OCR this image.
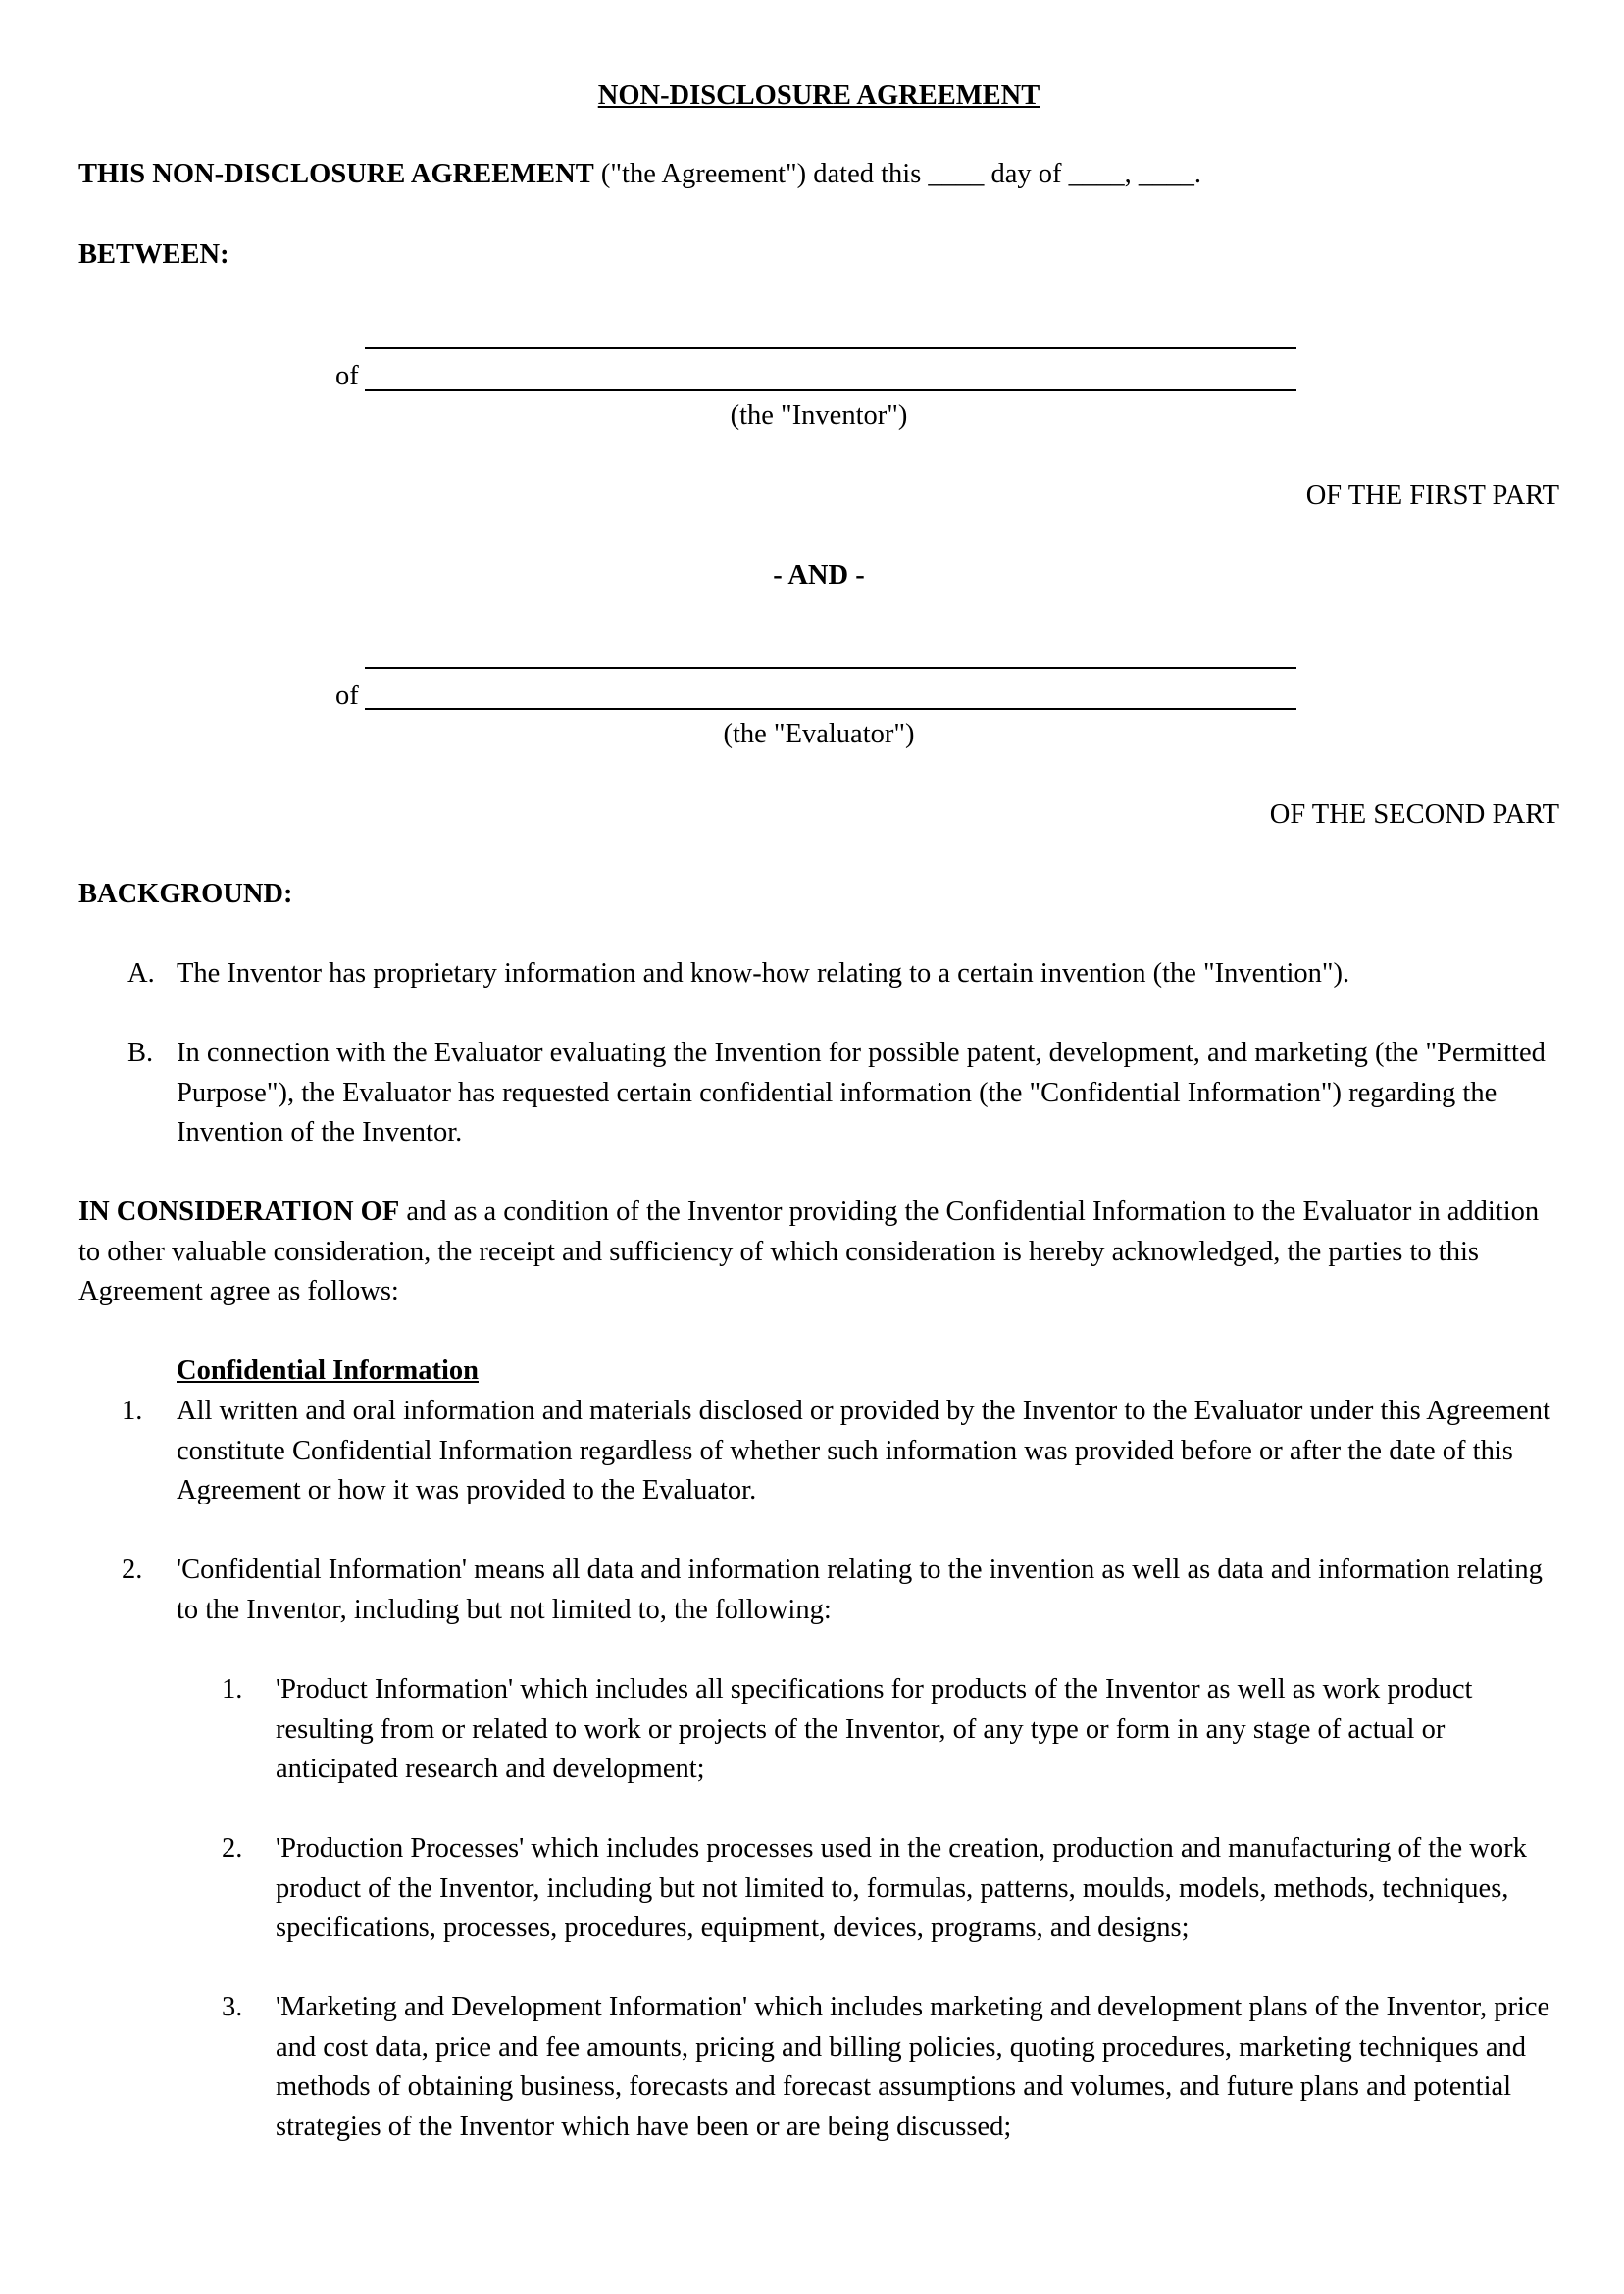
NON-DISCLOSURE AGREEMENT
THIS NON-DISCLOSURE AGREEMENT ("the Agreement") dated this ____ day of ____, ____.
BETWEEN:
of
(the "Inventor")
OF THE FIRST PART
- AND -
of
(the "Evaluator")
OF THE SECOND PART
BACKGROUND:
A. The Inventor has proprietary information and know-how relating to a certain invention (the "Invention").
B. In connection with the Evaluator evaluating the Invention for possible patent, development, and marketing (the "Permitted Purpose"), the Evaluator has requested certain confidential information (the "Confidential Information") regarding the Invention of the Inventor.
IN CONSIDERATION OF and as a condition of the Inventor providing the Confidential Information to the Evaluator in addition to other valuable consideration, the receipt and sufficiency of which consideration is hereby acknowledged, the parties to this Agreement agree as follows:
Confidential Information
1.	All written and oral information and materials disclosed or provided by the Inventor to the Evaluator under this Agreement constitute Confidential Information regardless of whether such information was provided before or after the date of this Agreement or how it was provided to the Evaluator.
2.	'Confidential Information' means all data and information relating to the invention as well as data and information relating to the Inventor, including but not limited to, the following:
1.	'Product Information' which includes all specifications for products of the Inventor as well as work product resulting from or related to work or projects of the Inventor, of any type or form in any stage of actual or anticipated research and development;
2.	'Production Processes' which includes processes used in the creation, production and manufacturing of the work product of the Inventor, including but not limited to, formulas, patterns, moulds, models, methods, techniques, specifications, processes, procedures, equipment, devices, programs, and designs;
3.	'Marketing and Development Information' which includes marketing and development plans of the Inventor, price and cost data, price and fee amounts, pricing and billing policies, quoting procedures, marketing techniques and methods of obtaining business, forecasts and forecast assumptions and volumes, and future plans and potential strategies of the Inventor which have been or are being discussed;
